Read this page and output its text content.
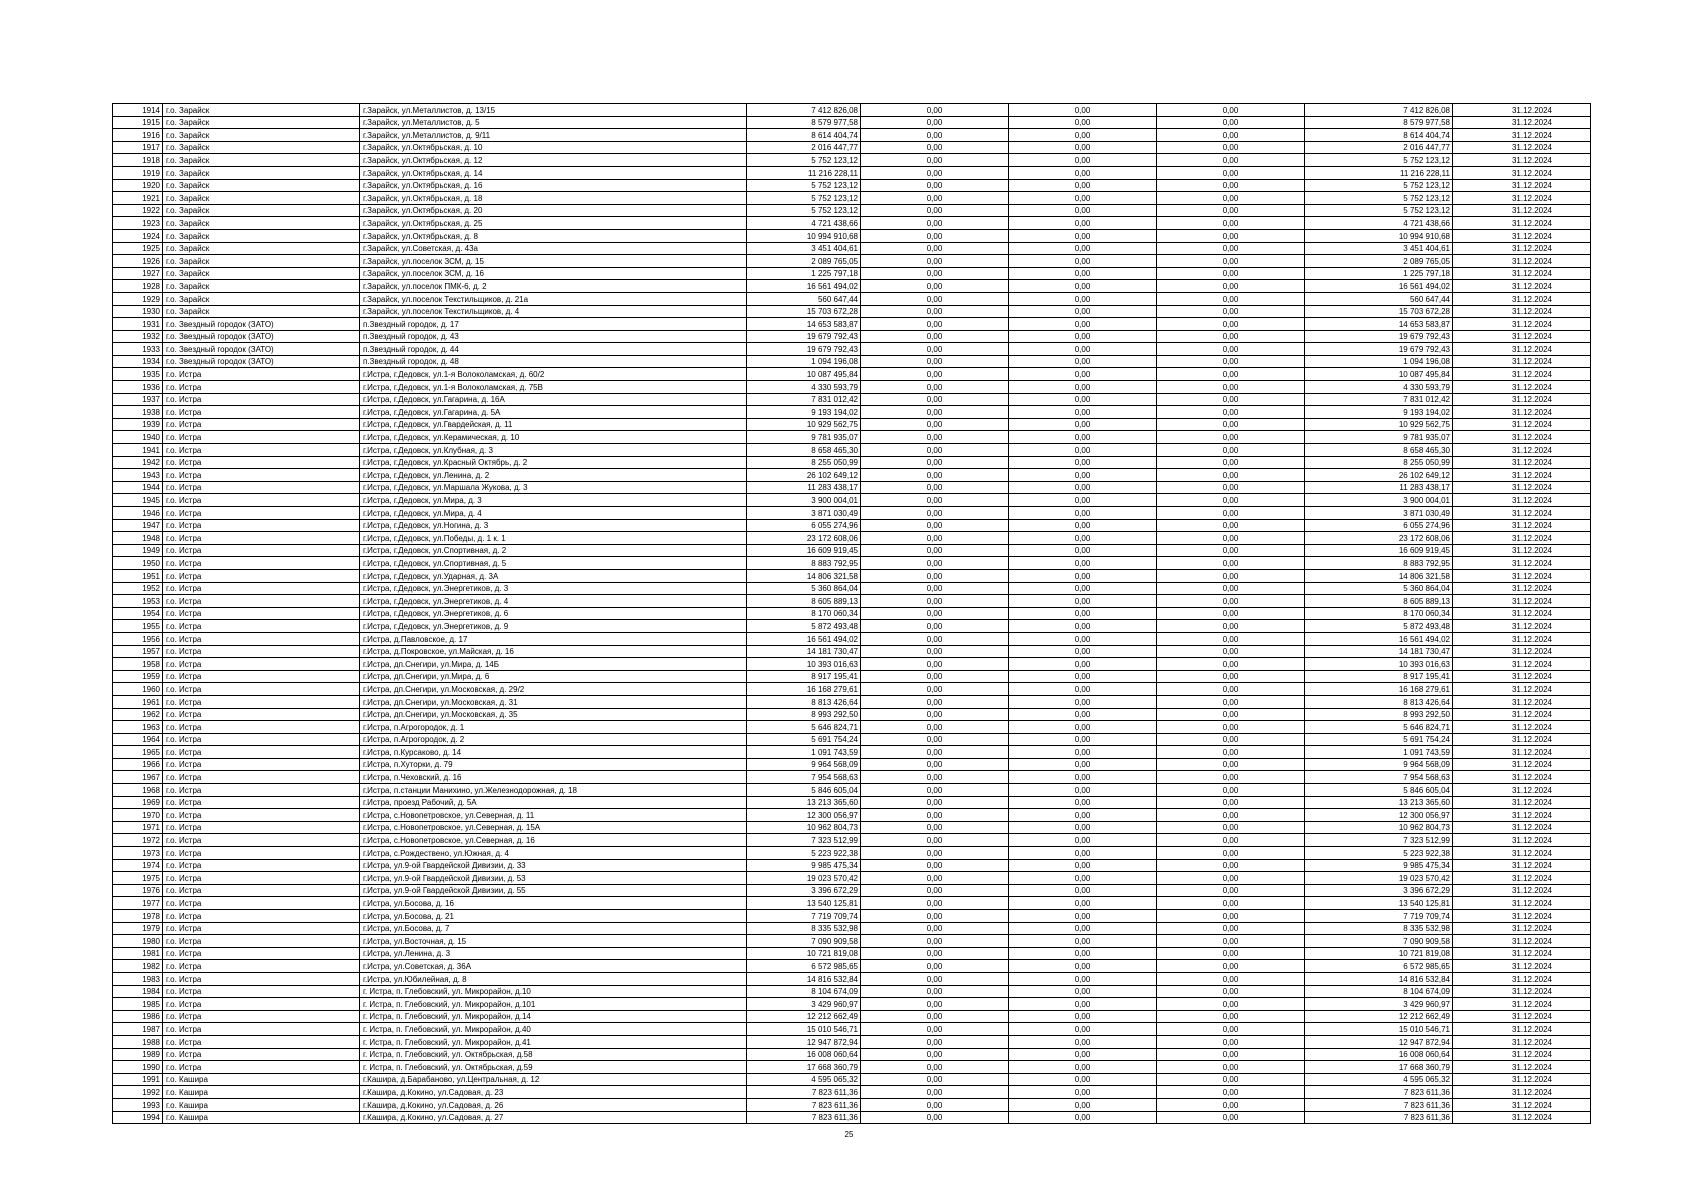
1914	г.о. Зарайск	г.Зарайск, ул.Металлистов, д. 13/15	7 412 826,08	0,00	0,00	0,00	7 412 826,08	31.12.2024
1915	г.о. Зарайск	г.Зарайск, ул.Металлистов, д. 5	8 579 977,58	0,00	0,00	0,00	8 579 977,58	31.12.2024
1916	г.о. Зарайск	г.Зарайск, ул.Металлистов, д. 9/11	8 614 404,74	0,00	0,00	0,00	8 614 404,74	31.12.2024
1917	г.о. Зарайск	г.Зарайск, ул.Октябрьская, д. 10	2 016 447,77	0,00	0,00	0,00	2 016 447,77	31.12.2024
1918	г.о. Зарайск	г.Зарайск, ул.Октябрьская, д. 12	5 752 123,12	0,00	0,00	0,00	5 752 123,12	31.12.2024
1919	г.о. Зарайск	г.Зарайск, ул.Октябрьская, д. 14	11 216 228,11	0,00	0,00	0,00	11 216 228,11	31.12.2024
1920	г.о. Зарайск	г.Зарайск, ул.Октябрьская, д. 16	5 752 123,12	0,00	0,00	0,00	5 752 123,12	31.12.2024
1921	г.о. Зарайск	г.Зарайск, ул.Октябрьская, д. 18	5 752 123,12	0,00	0,00	0,00	5 752 123,12	31.12.2024
1922	г.о. Зарайск	г.Зарайск, ул.Октябрьская, д. 20	5 752 123,12	0,00	0,00	0,00	5 752 123,12	31.12.2024
1923	г.о. Зарайск	г.Зарайск, ул.Октябрьская, д. 25	4 721 438,66	0,00	0,00	0,00	4 721 438,66	31.12.2024
1924	г.о. Зарайск	г.Зарайск, ул.Октябрьская, д. 8	10 994 910,68	0,00	0,00	0,00	10 994 910,68	31.12.2024
1925	г.о. Зарайск	г.Зарайск, ул.Советская, д. 43а	3 451 404,61	0,00	0,00	0,00	3 451 404,61	31.12.2024
1926	г.о. Зарайск	г.Зарайск, ул.поселок ЗСМ, д. 15	2 089 765,05	0,00	0,00	0,00	2 089 765,05	31.12.2024
1927	г.о. Зарайск	г.Зарайск, ул.поселок ЗСМ, д. 16	1 225 797,18	0,00	0,00	0,00	1 225 797,18	31.12.2024
1928	г.о. Зарайск	г.Зарайск, ул.поселок ПМК-6, д. 2	16 561 494,02	0,00	0,00	0,00	16 561 494,02	31.12.2024
1929	г.о. Зарайск	г.Зарайск, ул.поселок Текстильщиков, д. 21а	560 647,44	0,00	0,00	0,00	560 647,44	31.12.2024
1930	г.о. Зарайск	г.Зарайск, ул.поселок Текстильщиков, д. 4	15 703 672,28	0,00	0,00	0,00	15 703 672,28	31.12.2024
1931	г.о. Звездный городок (ЗАТО)	п.Звездный городок, д. 17	14 653 583,87	0,00	0,00	0,00	14 653 583,87	31.12.2024
1932	г.о. Звездный городок (ЗАТО)	п.Звездный городок, д. 43	19 679 792,43	0,00	0,00	0,00	19 679 792,43	31.12.2024
1933	г.о. Звездный городок (ЗАТО)	п.Звездный городок, д. 44	19 679 792,43	0,00	0,00	0,00	19 679 792,43	31.12.2024
1934	г.о. Звездный городок (ЗАТО)	п.Звездный городок, д. 48	1 094 196,08	0,00	0,00	0,00	1 094 196,08	31.12.2024
1935	г.о. Истра	г.Истра, г.Дедовск, ул.1-я Волоколамская, д. 60/2	10 087 495,84	0,00	0,00	0,00	10 087 495,84	31.12.2024
1936	г.о. Истра	г.Истра, г.Дедовск, ул.1-я Волоколамская, д. 75В	4 330 593,79	0,00	0,00	0,00	4 330 593,79	31.12.2024
1937	г.о. Истра	г.Истра, г.Дедовск, ул.Гагарина, д. 16А	7 831 012,42	0,00	0,00	0,00	7 831 012,42	31.12.2024
1938	г.о. Истра	г.Истра, г.Дедовск, ул.Гагарина, д. 5А	9 193 194,02	0,00	0,00	0,00	9 193 194,02	31.12.2024
1939	г.о. Истра	г.Истра, г.Дедовск, ул.Гвардейская, д. 11	10 929 562,75	0,00	0,00	0,00	10 929 562,75	31.12.2024
1940	г.о. Истра	г.Истра, г.Дедовск, ул.Керамическая, д. 10	9 781 935,07	0,00	0,00	0,00	9 781 935,07	31.12.2024
1941	г.о. Истра	г.Истра, г.Дедовск, ул.Клубная, д. 3	8 658 465,30	0,00	0,00	0,00	8 658 465,30	31.12.2024
1942	г.о. Истра	г.Истра, г.Дедовск, ул.Красный Октябрь, д. 2	8 255 050,99	0,00	0,00	0,00	8 255 050,99	31.12.2024
1943	г.о. Истра	г.Истра, г.Дедовск, ул.Ленина, д. 2	26 102 649,12	0,00	0,00	0,00	26 102 649,12	31.12.2024
1944	г.о. Истра	г.Истра, г.Дедовск, ул.Маршала Жукова, д. 3	11 283 438,17	0,00	0,00	0,00	11 283 438,17	31.12.2024
1945	г.о. Истра	г.Истра, г.Дедовск, ул.Мира, д. 3	3 900 004,01	0,00	0,00	0,00	3 900 004,01	31.12.2024
1946	г.о. Истра	г.Истра, г.Дедовск, ул.Мира, д. 4	3 871 030,49	0,00	0,00	0,00	3 871 030,49	31.12.2024
1947	г.о. Истра	г.Истра, г.Дедовск, ул.Ногина, д. 3	6 055 274,96	0,00	0,00	0,00	6 055 274,96	31.12.2024
1948	г.о. Истра	г.Истра, г.Дедовск, ул.Победы, д. 1 к. 1	23 172 608,06	0,00	0,00	0,00	23 172 608,06	31.12.2024
1949	г.о. Истра	г.Истра, г.Дедовск, ул.Спортивная, д. 2	16 609 919,45	0,00	0,00	0,00	16 609 919,45	31.12.2024
1950	г.о. Истра	г.Истра, г.Дедовск, ул.Спортивная, д. 5	8 883 792,95	0,00	0,00	0,00	8 883 792,95	31.12.2024
1951	г.о. Истра	г.Истра, г.Дедовск, ул.Ударная, д. 3А	14 806 321,58	0,00	0,00	0,00	14 806 321,58	31.12.2024
1952	г.о. Истра	г.Истра, г.Дедовск, ул.Энергетиков, д. 3	5 360 864,04	0,00	0,00	0,00	5 360 864,04	31.12.2024
1953	г.о. Истра	г.Истра, г.Дедовск, ул.Энергетиков, д. 4	8 605 889,13	0,00	0,00	0,00	8 605 889,13	31.12.2024
1954	г.о. Истра	г.Истра, г.Дедовск, ул.Энергетиков, д. 6	8 170 060,34	0,00	0,00	0,00	8 170 060,34	31.12.2024
1955	г.о. Истра	г.Истра, г.Дедовск, ул.Энергетиков, д. 9	5 872 493,48	0,00	0,00	0,00	5 872 493,48	31.12.2024
1956	г.о. Истра	г.Истра, д.Павловское, д. 17	16 561 494,02	0,00	0,00	0,00	16 561 494,02	31.12.2024
1957	г.о. Истра	г.Истра, д.Покровское, ул.Майская, д. 16	14 181 730,47	0,00	0,00	0,00	14 181 730,47	31.12.2024
1958	г.о. Истра	г.Истра, дп.Снегири, ул.Мира, д. 14Б	10 393 016,63	0,00	0,00	0,00	10 393 016,63	31.12.2024
1959	г.о. Истра	г.Истра, дп.Снегири, ул.Мира, д. 6	8 917 195,41	0,00	0,00	0,00	8 917 195,41	31.12.2024
1960	г.о. Истра	г.Истра, дп.Снегири, ул.Московская, д. 29/2	16 168 279,61	0,00	0,00	0,00	16 168 279,61	31.12.2024
1961	г.о. Истра	г.Истра, дп.Снегири, ул.Московская, д. 31	8 813 426,64	0,00	0,00	0,00	8 813 426,64	31.12.2024
1962	г.о. Истра	г.Истра, дп.Снегири, ул.Московская, д. 35	8 993 292,50	0,00	0,00	0,00	8 993 292,50	31.12.2024
1963	г.о. Истра	г.Истра, п.Агрогородок, д. 1	5 646 824,71	0,00	0,00	0,00	5 646 824,71	31.12.2024
1964	г.о. Истра	г.Истра, п.Агрогородок, д. 2	5 691 754,24	0,00	0,00	0,00	5 691 754,24	31.12.2024
1965	г.о. Истра	г.Истра, п.Курсаково, д. 14	1 091 743,59	0,00	0,00	0,00	1 091 743,59	31.12.2024
1966	г.о. Истра	г.Истра, п.Хуторки, д. 79	9 964 568,09	0,00	0,00	0,00	9 964 568,09	31.12.2024
1967	г.о. Истра	г.Истра, п.Чеховский, д. 16	7 954 568,63	0,00	0,00	0,00	7 954 568,63	31.12.2024
1968	г.о. Истра	г.Истра, п.станции Манихино, ул.Железнодорожная, д. 18	5 846 605,04	0,00	0,00	0,00	5 846 605,04	31.12.2024
1969	г.о. Истра	г.Истра, проезд Рабочий, д. 5А	13 213 365,60	0,00	0,00	0,00	13 213 365,60	31.12.2024
1970	г.о. Истра	г.Истра, с.Новопетровское, ул.Северная, д. 11	12 300 056,97	0,00	0,00	0,00	12 300 056,97	31.12.2024
1971	г.о. Истра	г.Истра, с.Новопетровское, ул.Северная, д. 15А	10 962 804,73	0,00	0,00	0,00	10 962 804,73	31.12.2024
1972	г.о. Истра	г.Истра, с.Новопетровское, ул.Северная, д. 16	7 323 512,99	0,00	0,00	0,00	7 323 512,99	31.12.2024
1973	г.о. Истра	г.Истра, с.Рождествено, ул.Южная, д. 4	5 223 922,38	0,00	0,00	0,00	5 223 922,38	31.12.2024
1974	г.о. Истра	г.Истра, ул.9-ой Гвардейской Дивизии, д. 33	9 985 475,34	0,00	0,00	0,00	9 985 475,34	31.12.2024
1975	г.о. Истра	г.Истра, ул.9-ой Гвардейской Дивизии, д. 53	19 023 570,42	0,00	0,00	0,00	19 023 570,42	31.12.2024
1976	г.о. Истра	г.Истра, ул.9-ой Гвардейской Дивизии, д. 55	3 396 672,29	0,00	0,00	0,00	3 396 672,29	31.12.2024
1977	г.о. Истра	г.Истра, ул.Босова, д. 16	13 540 125,81	0,00	0,00	0,00	13 540 125,81	31.12.2024
1978	г.о. Истра	г.Истра, ул.Босова, д. 21	7 719 709,74	0,00	0,00	0,00	7 719 709,74	31.12.2024
1979	г.о. Истра	г.Истра, ул.Босова, д. 7	8 335 532,98	0,00	0,00	0,00	8 335 532,98	31.12.2024
1980	г.о. Истра	г.Истра, ул.Восточная, д. 15	7 090 909,58	0,00	0,00	0,00	7 090 909,58	31.12.2024
1981	г.о. Истра	г.Истра, ул.Ленина, д. 3	10 721 819,08	0,00	0,00	0,00	10 721 819,08	31.12.2024
1982	г.о. Истра	г.Истра, ул.Советская, д. 36А	6 572 985,65	0,00	0,00	0,00	6 572 985,65	31.12.2024
1983	г.о. Истра	г.Истра, ул.Юбилейная, д. 8	14 816 532,84	0,00	0,00	0,00	14 816 532,84	31.12.2024
1984	г.о. Истра	г. Истра, п. Глебовский, ул. Микрорайон, д.10	8 104 674,09	0,00	0,00	0,00	8 104 674,09	31.12.2024
1985	г.о. Истра	г. Истра, п. Глебовский, ул. Микрорайон, д.101	3 429 960,97	0,00	0,00	0,00	3 429 960,97	31.12.2024
1986	г.о. Истра	г. Истра, п. Глебовский, ул. Микрорайон, д.14	12 212 662,49	0,00	0,00	0,00	12 212 662,49	31.12.2024
1987	г.о. Истра	г. Истра, п. Глебовский, ул. Микрорайон, д.40	15 010 546,71	0,00	0,00	0,00	15 010 546,71	31.12.2024
1988	г.о. Истра	г. Истра, п. Глебовский, ул. Микрорайон, д.41	12 947 872,94	0,00	0,00	0,00	12 947 872,94	31.12.2024
1989	г.о. Истра	г. Истра, п. Глебовский, ул. Октябрьская, д.58	16 008 060,64	0,00	0,00	0,00	16 008 060,64	31.12.2024
1990	г.о. Истра	г. Истра, п. Глебовский, ул. Октябрьская, д.59	17 668 360,79	0,00	0,00	0,00	17 668 360,79	31.12.2024
1991	г.о. Кашира	г.Кашира, д.Барабаново, ул.Центральная, д. 12	4 595 065,32	0,00	0,00	0,00	4 595 065,32	31.12.2024
1992	г.о. Кашира	г.Кашира, д.Кокино, ул.Садовая, д. 23	7 823 611,36	0,00	0,00	0,00	7 823 611,36	31.12.2024
1993	г.о. Кашира	г.Кашира, д.Кокино, ул.Садовая, д. 26	7 823 611,36	0,00	0,00	0,00	7 823 611,36	31.12.2024
1994	г.о. Кашира	г.Кашира, д.Кокино, ул.Садовая, д. 27	7 823 611,36	0,00	0,00	0,00	7 823 611,36	31.12.2024
25
